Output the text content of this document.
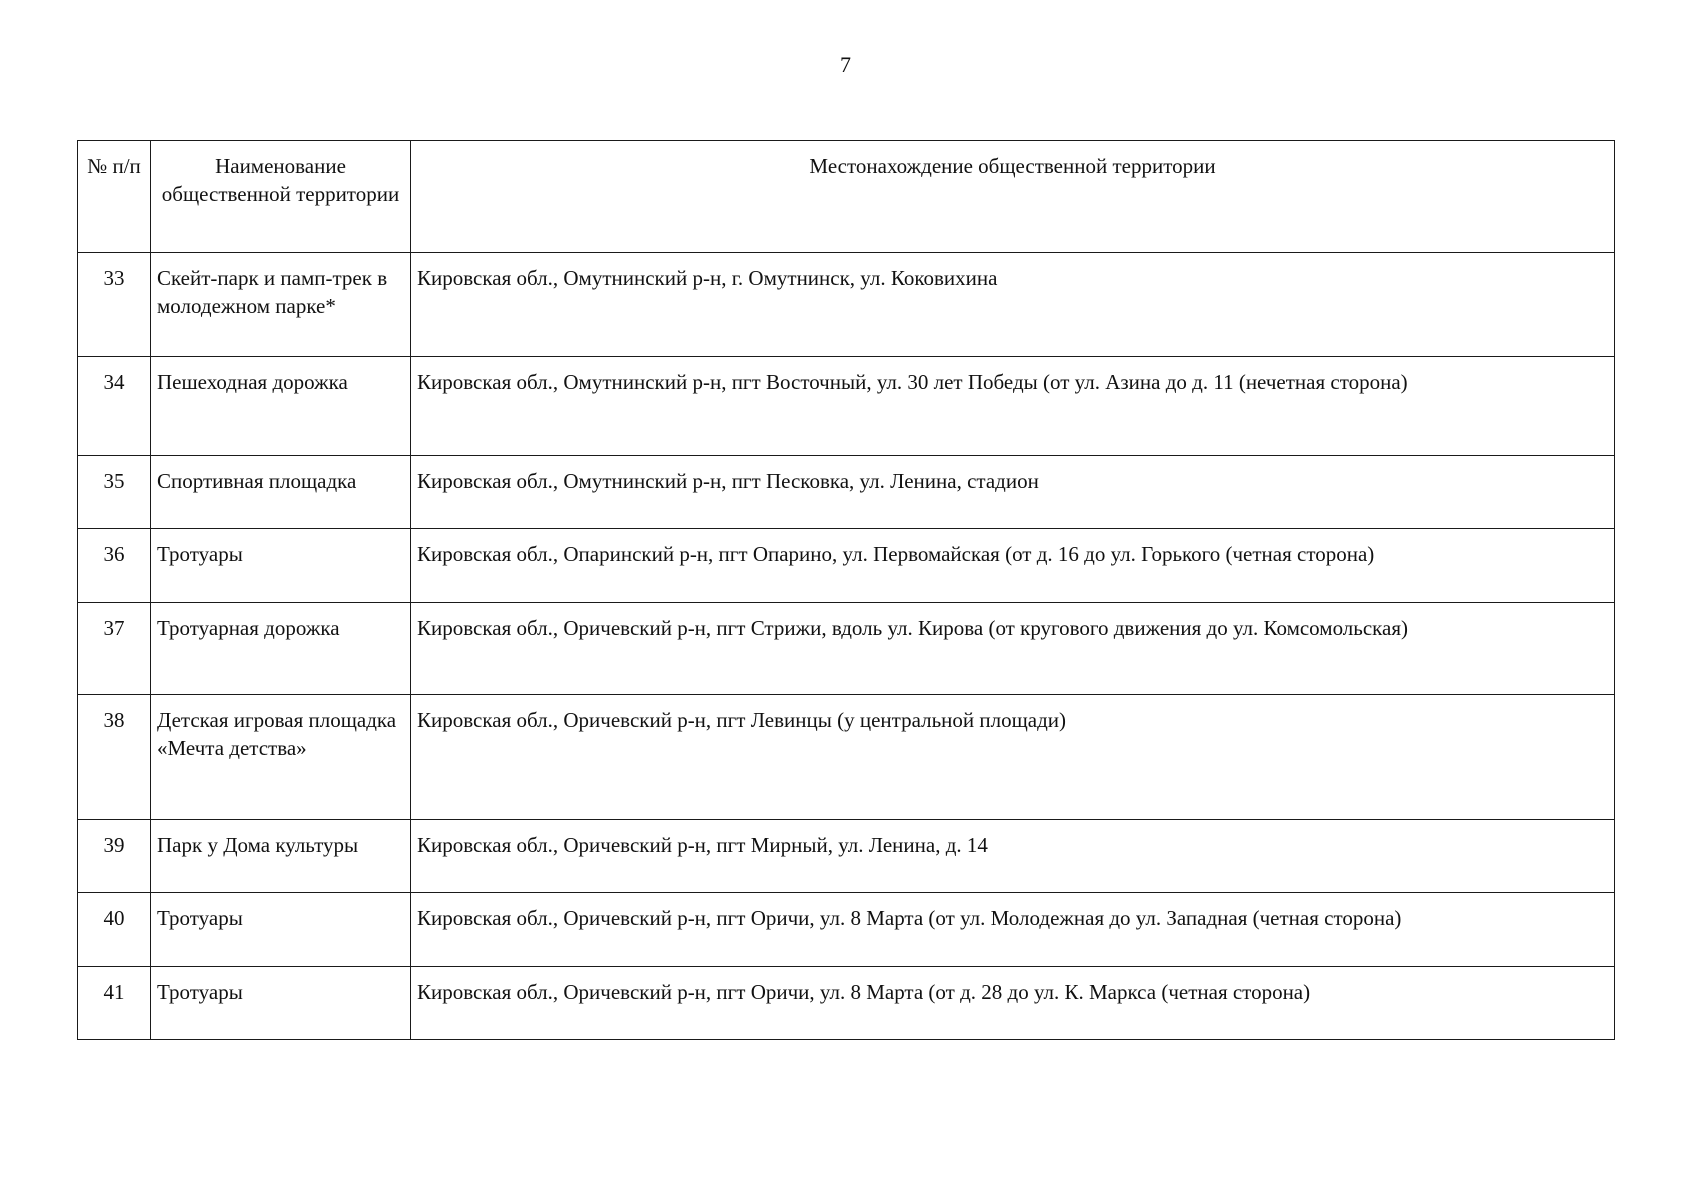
7
№ п/п	Наименование общественной территории	Местонахождение общественной территории
33	Скейт-парк и памп-трек в молодежном парке*	Кировская обл., Омутнинский р-н, г. Омутнинск, ул. Коковихина
34	Пешеходная дорожка	Кировская обл., Омутнинский р-н, пгт Восточный, ул. 30 лет Победы (от ул. Азина до д. 11 (нечетная сторона)
35	Спортивная площадка	Кировская обл., Омутнинский р-н, пгт Песковка, ул. Ленина, стадион
36	Тротуары	Кировская обл., Опаринский р-н, пгт Опарино, ул. Первомайская (от д. 16 до ул. Горького (четная сторона)
37	Тротуарная дорожка	Кировская обл., Оричевский р-н, пгт Стрижи, вдоль ул. Кирова (от кругового движения до ул. Комсомольская)
38	Детская игровая площадка «Мечта детства»	Кировская обл., Оричевский р-н, пгт Левинцы (у центральной площади)
39	Парк у Дома культуры	Кировская обл., Оричевский р-н, пгт Мирный, ул. Ленина, д. 14
40	Тротуары	Кировская обл., Оричевский р-н, пгт Оричи, ул. 8 Марта (от ул. Молодежная до ул. Западная (четная сторона)
41	Тротуары	Кировская обл., Оричевский р-н, пгт Оричи, ул. 8 Марта (от д. 28 до ул. К. Маркса (четная сторона)
